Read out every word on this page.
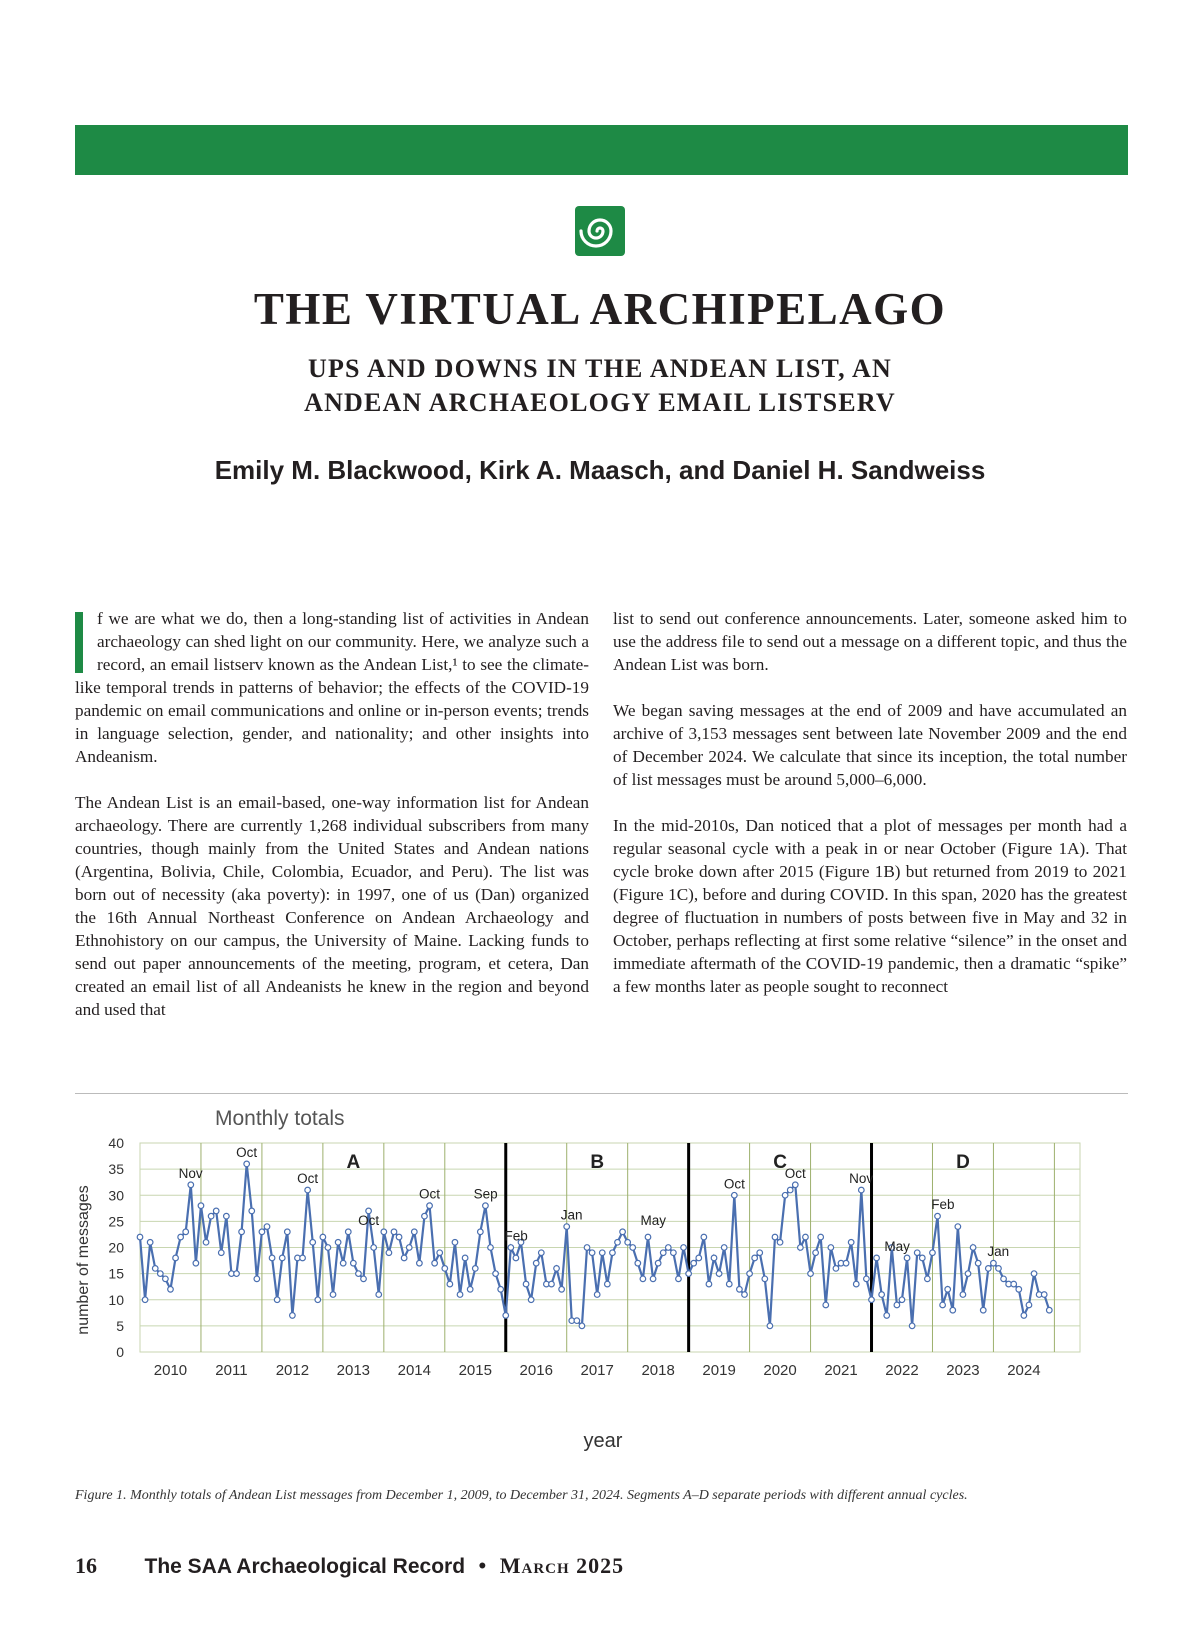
THE VIRTUAL ARCHIPELAGO
UPS AND DOWNS IN THE ANDEAN LIST, AN
ANDEAN ARCHAEOLOGY EMAIL LISTSERV
Emily M. Blackwood, Kirk A. Maasch, and Daniel H. Sandweiss

f we are what we do, then a long-standing list of activities in Andean archaeology can shed light on our community. Here, we analyze such a record, an email listserv known as the Andean List,¹ to see the climate-like temporal trends in patterns of behavior; the effects of the COVID-19 pandemic on email communications and online or in-person events; trends in language selection, gender, and nationality; and other insights into Andeanism.

The Andean List is an email-based, one-way information list for Andean archaeology. There are currently 1,268 individual subscribers from many countries, though mainly from the United States and Andean nations (Argentina, Bolivia, Chile, Colombia, Ecuador, and Peru). The list was born out of necessity (aka poverty): in 1997, one of us (Dan) organized the 16th Annual Northeast Conference on Andean Archaeology and Ethnohistory on our campus, the University of Maine. Lacking funds to send out paper announcements of the meeting, program, et cetera, Dan created an email list of all Andeanists he knew in the region and beyond and used that

list to send out conference announcements. Later, someone asked him to use the address file to send out a message on a different topic, and thus the Andean List was born.

We began saving messages at the end of 2009 and have accumulated an archive of 3,153 messages sent between late November 2009 and the end of December 2024. We calculate that since its inception, the total number of list messages must be around 5,000–6,000.

In the mid-2010s, Dan noticed that a plot of messages per month had a regular seasonal cycle with a peak in or near October (Figure 1A). That cycle broke down after 2015 (Figure 1B) but returned from 2019 to 2021 (Figure 1C), before and during COVID. In this span, 2020 has the greatest degree of fluctuation in numbers of posts between five in May and 32 in October, perhaps reflecting at first some relative “silence” in the onset and immediate aftermath of the COVID-19 pandemic, then a dramatic “spike” a few months later as people sought to reconnect

Monthly totals
0
5
10
15
20
25
30
35
40
2010 2011 2012 2013 2014 2015 2016 2017 2018 2019 2020 2021 2022 2023 2024
A	B	C	D
Nov
Oct
Oct
Oct
Oct Sep
Feb
Jan	May
Oct
Oct	Nov
May
Feb
Jan
number of messages
year
Figure 1. Monthly totals of Andean List messages from December 1, 2009, to December 31, 2024. Segments A–D separate periods with different annual cycles.
16 The SAA Archaeological Record • March 2025
